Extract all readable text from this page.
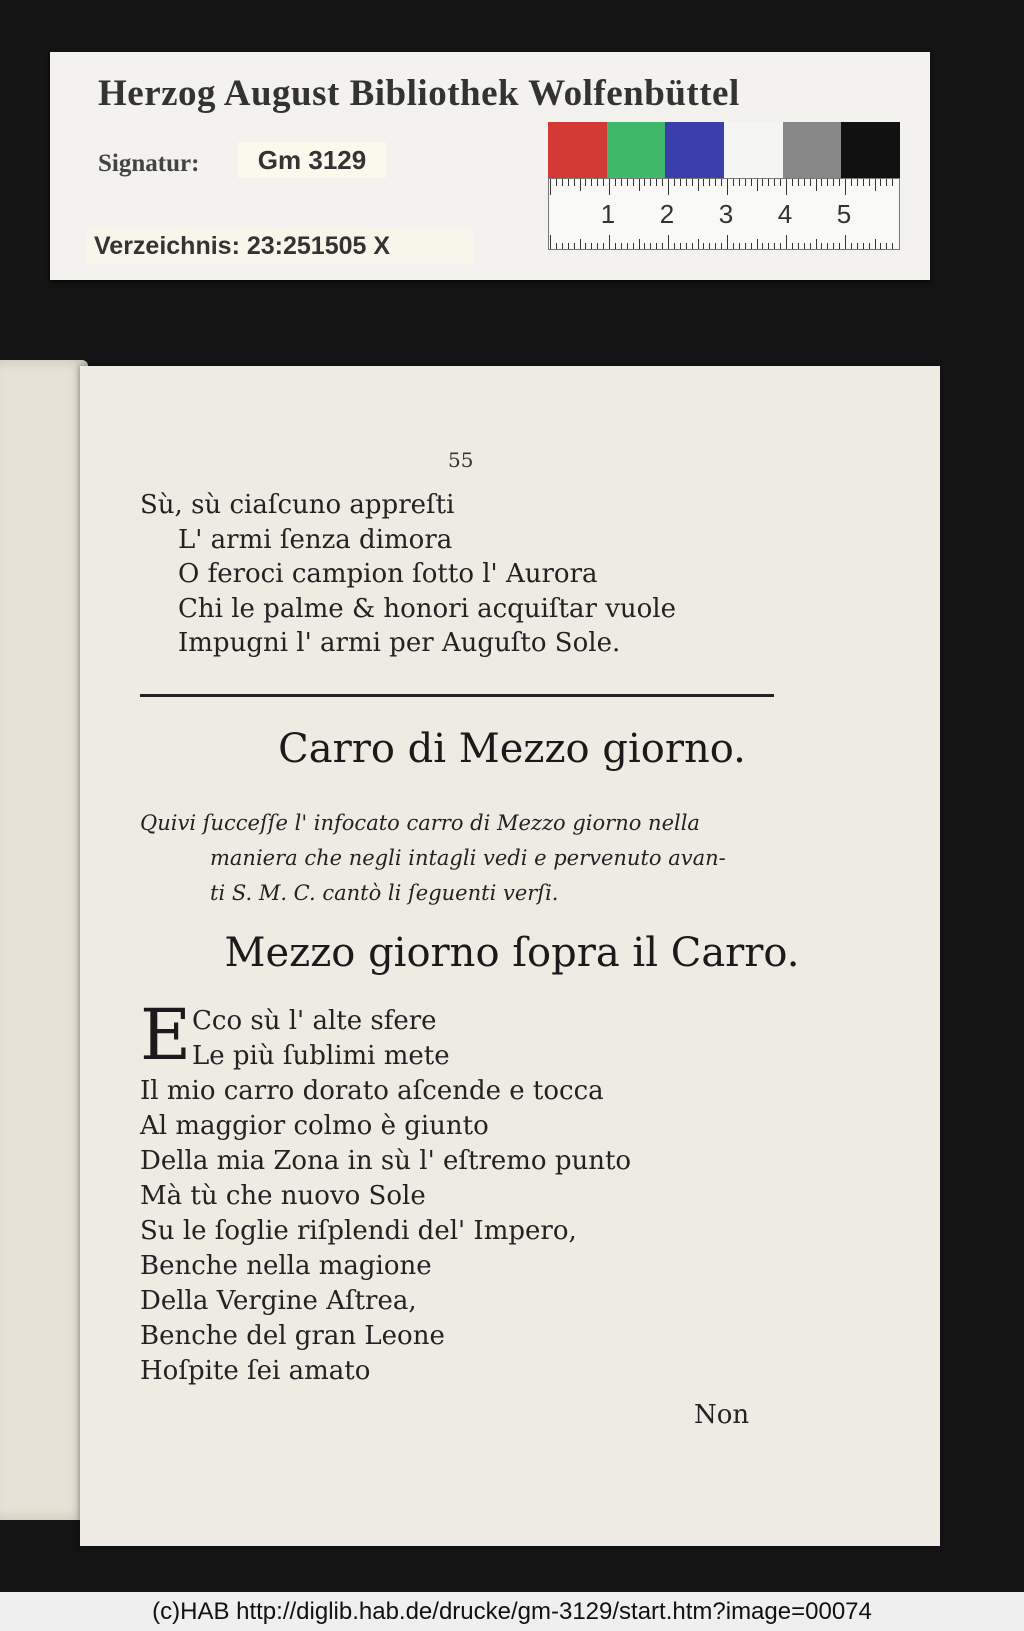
Herzog August Bibliothek Wolfenbüttel
Signatur:	Gm 3129
Verzeichnis: 23:251505 X
1 2 3 4 5
55
Sù, sù ciaſcuno appreſti
L' armi ſenza dimora
O feroci campion ſotto l' Aurora
Chi le palme & honori acquiſtar vuole
Impugni l' armi per Auguſto Sole.
Carro di Mezzo giorno.
Quivi ſucceſſe l' infocato carro di Mezzo giorno nella
maniera che negli intagli vedi e pervenuto avan-
ti S. M. C. cantò li ſeguenti verſi.
Mezzo giorno ſopra il Carro.
E Cco sù l' alte sfere
Le più ſublimi mete
Il mio carro dorato aſcende e tocca
Al maggior colmo è giunto
Della mia Zona in sù l' eſtremo punto
Mà tù che nuovo Sole
Su le ſoglie riſplendi del' Impero,
Benche nella magione
Della Vergine Aſtrea,
Benche del gran Leone
Hoſpite ſei amato
Non
(c)HAB http://diglib.hab.de/drucke/gm-3129/start.htm?image=00074
